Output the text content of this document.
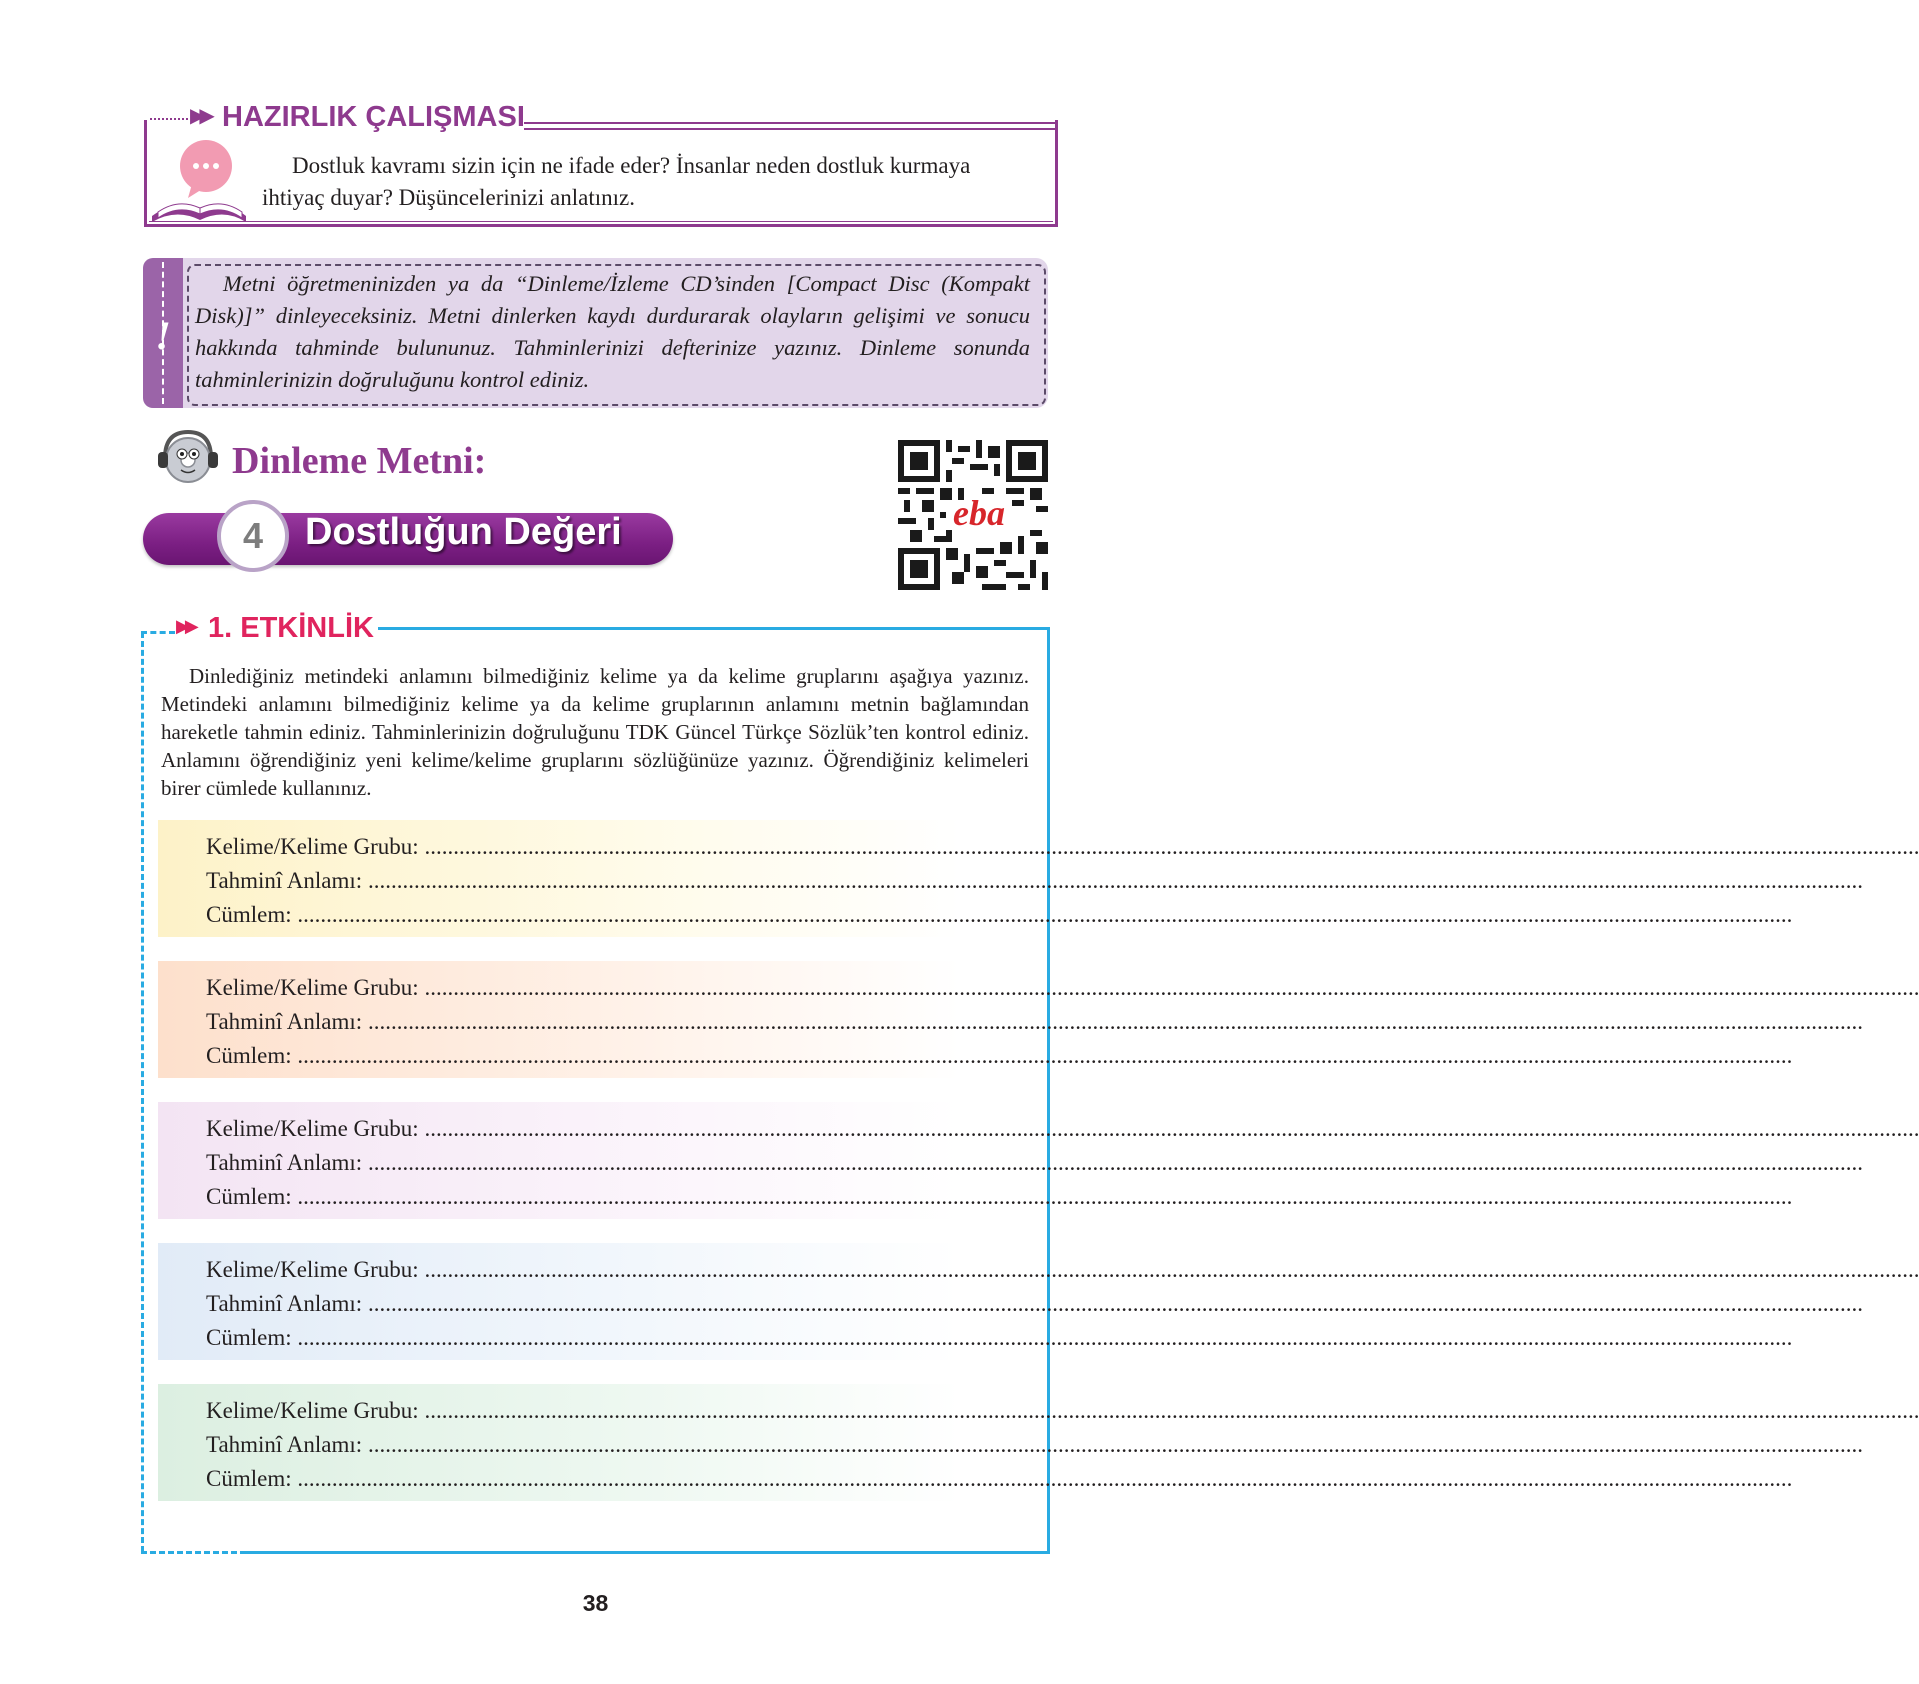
▶▶ HAZIRLIK ÇALIŞMASI
Dostluk kavramı sizin için ne ifade eder? İnsanlar neden dostluk kurmaya
ihtiyaç duyar? Düşüncelerinizi anlatınız.
!
Metni öğretmeninizden ya da “Dinleme/İzleme CD’sinden [Compact Disc (Kompakt Disk)]” dinleyeceksiniz. Metni dinlerken kaydı durdurarak olayların gelişimi ve sonucu hakkında tahminde bulununuz. Tahminlerinizi defterinize yazınız. Dinleme sonunda tahminlerinizin doğruluğunu kontrol ediniz.
Dinleme Metni:
eba
4	Dostluğun Değeri
▶▶ 1. ETKİNLİK
Dinlediğiniz metindeki anlamını bilmediğiniz kelime ya da kelime gruplarını aşağıya yazınız. Metindeki anlamını bilmediğiniz kelime ya da kelime gruplarının anlamını metnin bağlamından hareketle tahmin ediniz. Tahminlerinizin doğruluğunu TDK Güncel Türkçe Sözlük’ten kontrol ediniz. Anlamını öğrendiğiniz yeni kelime/kelime gruplarını sözlüğünüze yazınız. Öğrendiğiniz kelimeleri birer cümlede kullanınız.
Kelime/Kelime Grubu: ....................................................................................................................................................................................................................................................................
Tahminî Anlamı: ....................................................................................................................................................................................................................................................................
Cümlem: ....................................................................................................................................................................................................................................................................
Kelime/Kelime Grubu: ....................................................................................................................................................................................................................................................................
Tahminî Anlamı: ....................................................................................................................................................................................................................................................................
Cümlem: ....................................................................................................................................................................................................................................................................
Kelime/Kelime Grubu: ....................................................................................................................................................................................................................................................................
Tahminî Anlamı: ....................................................................................................................................................................................................................................................................
Cümlem: ....................................................................................................................................................................................................................................................................
Kelime/Kelime Grubu: ....................................................................................................................................................................................................................................................................
Tahminî Anlamı: ....................................................................................................................................................................................................................................................................
Cümlem: ....................................................................................................................................................................................................................................................................
Kelime/Kelime Grubu: ....................................................................................................................................................................................................................................................................
Tahminî Anlamı: ....................................................................................................................................................................................................................................................................
Cümlem: ....................................................................................................................................................................................................................................................................
38
